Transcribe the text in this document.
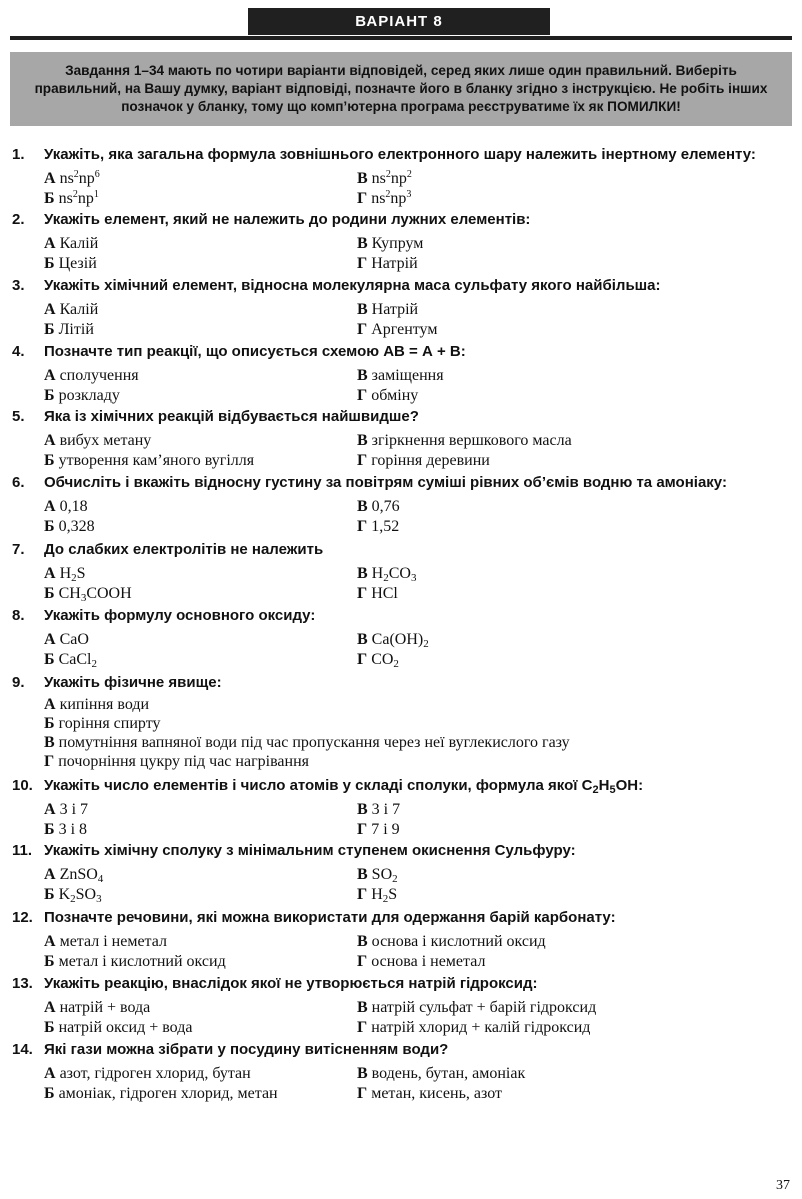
ВАРІАНТ 8
Завдання 1–34 мають по чотири варіанти відповідей, серед яких лише один правильний. Виберіть правильний, на Вашу думку, варіант відповіді, позначте його в бланку згідно з інструкцією. Не робіть інших позначок у бланку, тому що комп’ютерна програма реєструватиме їх як ПОМИЛКИ!
1. Укажіть, яка загальна формула зовнішнього електронного шару належить інертному елементу:
А $ns^2np^6$
Б $ns^2np^1$
В $ns^2np^2$
Г $ns^2np^3$
2. Укажіть елемент, який не належить до родини лужних елементів:
А Калій
Б Цезій
В Купрум
Г Натрій
3. Укажіть хімічний елемент, відносна молекулярна маса сульфату якого найбільша:
А Калій
Б Літій
В Натрій
Г Аргентум
4. Позначте тип реакції, що описується схемою АВ = А + В:
А сполучення
Б розкладу
В заміщення
Г обміну
5. Яка із хімічних реакцій відбувається найшвидше?
А вибух метану
Б утворення кам’яного вугілля
В згіркнення вершкового масла
Г горіння деревини
6. Обчисліть і вкажіть відносну густину за повітрям суміші рівних об’ємів водню та амоніаку:
А 0,18
Б 0,328
В 0,76
Г 1,52
7. До слабких електролітів не належить
А $H_2S$
Б $CH_3COOH$
В $H_2CO_3$
Г HCl
8. Укажіть формулу основного оксиду:
А CaO
Б CaCl$_2$
В $Ca(OH)_2$
Г $CO_2$
9. Укажіть фізичне явище:
А кипіння води
Б горіння спирту
В помутніння вапняної води під час пропускання через неї вуглекислого газу
Г почорніння цукру під час нагрівання
10. Укажіть число елементів і число атомів у складі сполуки, формула якої $C_2H_5OH$:
А 3 і 7
Б 3 і 8
В 3 і 7
Г 7 і 9
11. Укажіть хімічну сполуку з мінімальним ступенем окиснення Сульфуру:
А ZnSO$_4$
Б $K_2SO_3$
В $SO_2$
Г $H_2S$
12. Позначте речовини, які можна використати для одержання барій карбонату:
А метал і неметал
Б метал і кислотний оксид
В основа і кислотний оксид
Г основа і неметал
13. Укажіть реакцію, внаслідок якої не утворюється натрій гідроксид:
А натрій + вода
Б натрій оксид + вода
В натрій сульфат + барій гідроксид
Г натрій хлорид + калій гідроксид
14. Які гази можна зібрати у посудину витісненням води?
А азот, гідроген хлорид, бутан
Б амоніак, гідроген хлорид, метан
В водень, бутан, амоніак
Г метан, кисень, азот
37
